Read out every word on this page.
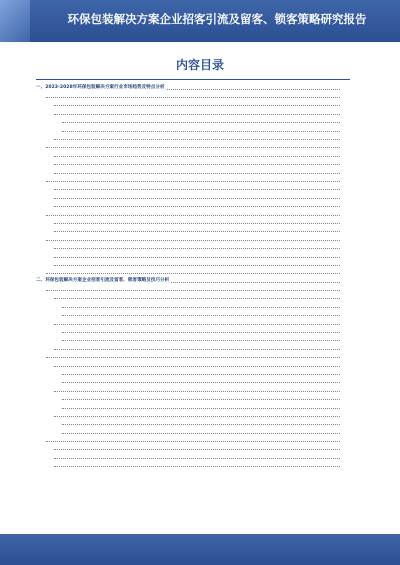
环保包装解决方案企业招客引流及留客、锁客策略研究报告
内容目录
一、2023-2028年环保包装解决方案行业市场趋势及特点分析
二、环保包装解决方案企业招客引流及留客、锁客策略及技巧分析
